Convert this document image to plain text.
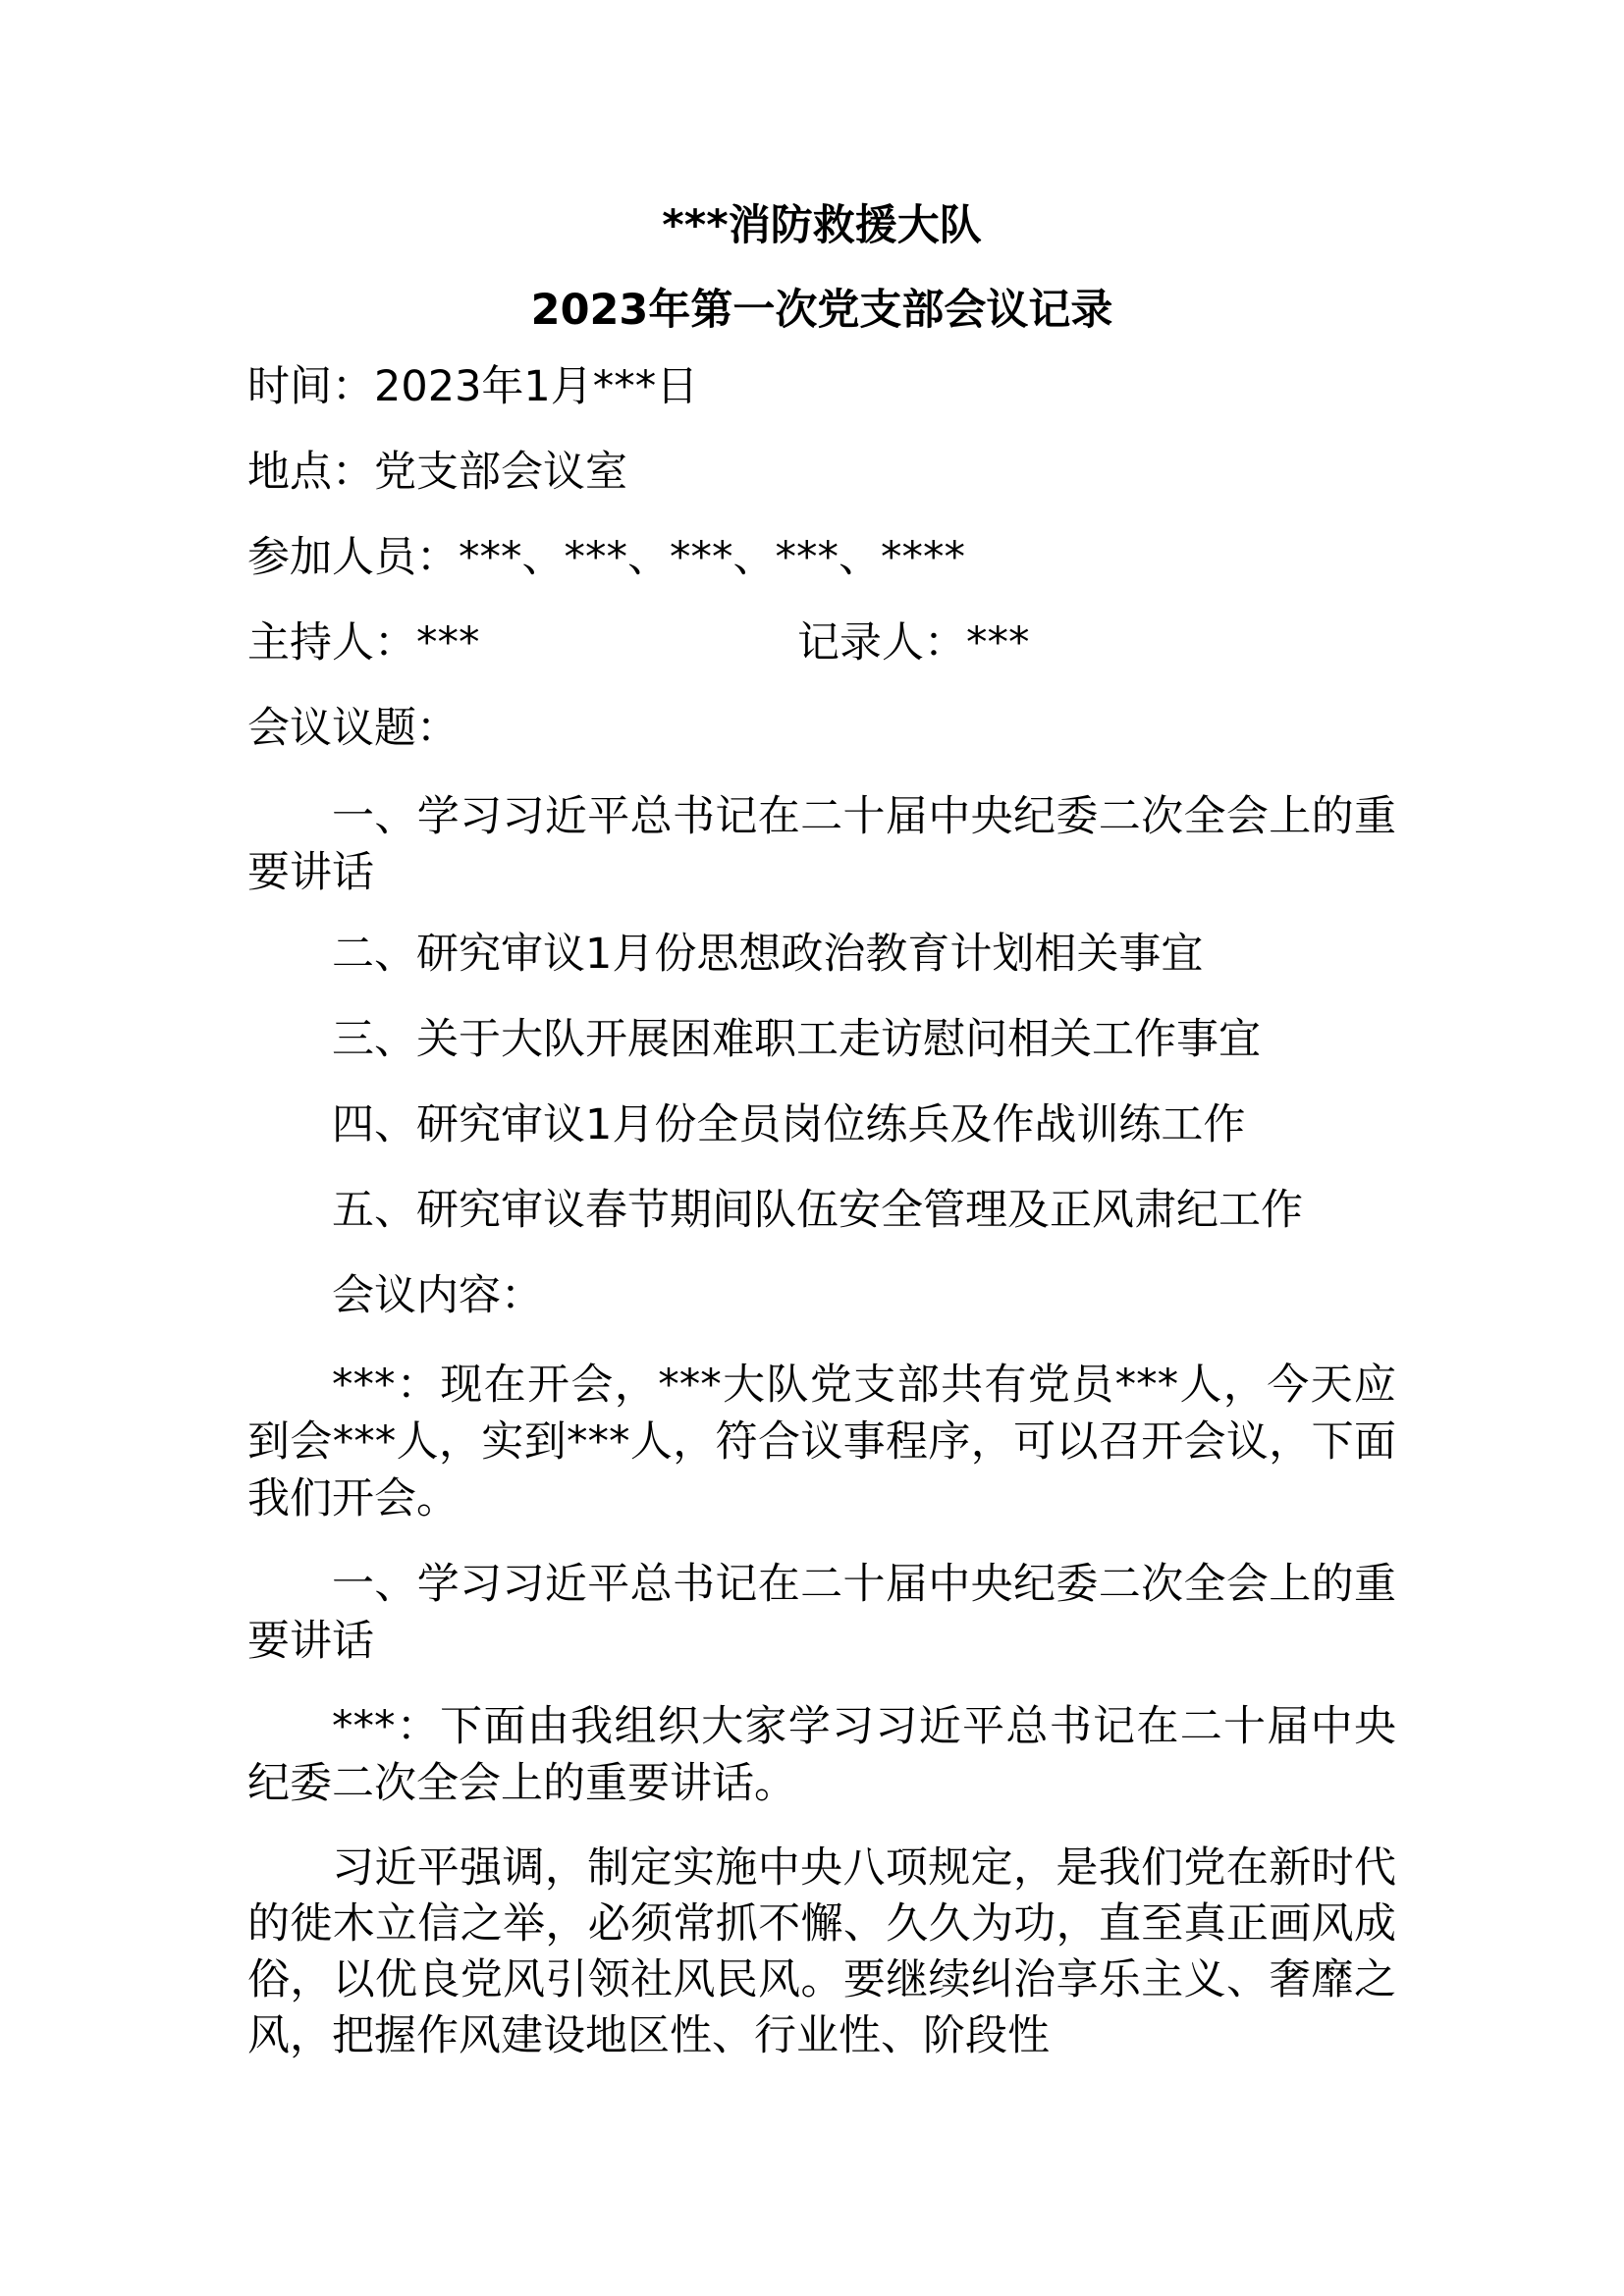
***消防救援大队
2023年第一次党支部会议记录

时间：2023年1月***日

地点：党支部会议室

参加人员：***、***、***、***、****

主持人：***	记录人：***

会议议题：

一、学习习近平总书记在二十届中央纪委二次全会上的重要讲话

二、研究审议1月份思想政治教育计划相关事宜

三、关于大队开展困难职工走访慰问相关工作事宜

四、研究审议1月份全员岗位练兵及作战训练工作

五、研究审议春节期间队伍安全管理及正风肃纪工作

会议内容：

***：现在开会，***大队党支部共有党员***人，今天应到会***人，实到***人，符合议事程序，可以召开会议，下面我们开会。

一、学习习近平总书记在二十届中央纪委二次全会上的重要讲话

***：下面由我组织大家学习习近平总书记在二十届中央纪委二次全会上的重要讲话。

习近平强调，制定实施中央八项规定，是我们党在新时代的徙木立信之举，必须常抓不懈、久久为功，直至真正画风成俗，以优良党风引领社风民风。要继续纠治享乐主义、奢靡之风，把握作风建设地区性、行业性、阶段性
